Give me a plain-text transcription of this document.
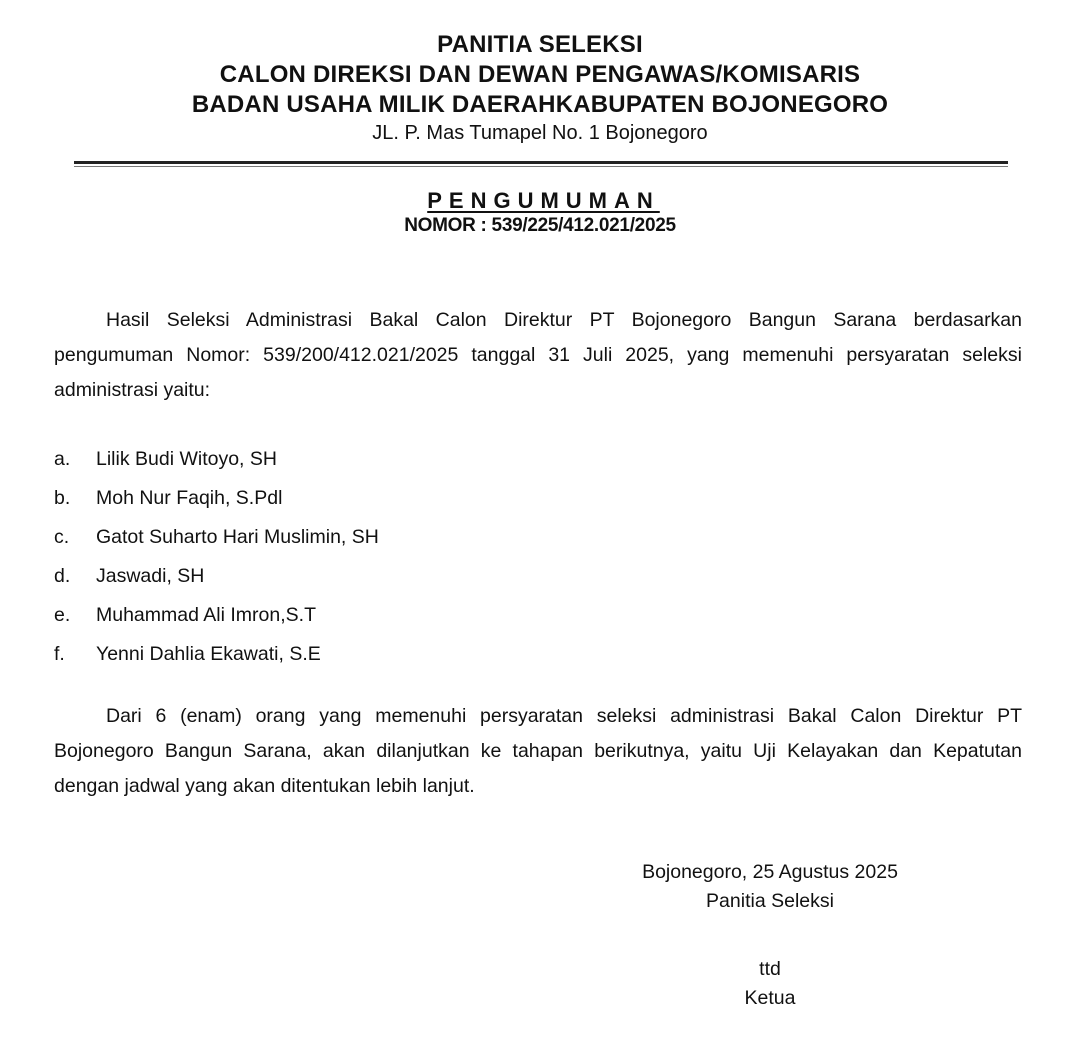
PANITIA SELEKSI
CALON DIREKSI DAN DEWAN PENGAWAS/KOMISARIS
BADAN USAHA MILIK DAERAHKABUPATEN BOJONEGORO
JL. P. Mas Tumapel No. 1 Bojonegoro
PENGUMUMAN
NOMOR : 539/225/412.021/2025

Hasil Seleksi Administrasi Bakal Calon Direktur PT Bojonegoro Bangun Sarana berdasarkan pengumuman Nomor: 539/200/412.021/2025 tanggal 31 Juli 2025, yang memenuhi persyaratan seleksi administrasi yaitu:

a.	Lilik Budi Witoyo, SH
b.	Moh Nur Faqih, S.Pdl
c.	Gatot Suharto Hari Muslimin, SH
d.	Jaswadi, SH
e.	Muhammad Ali Imron,S.T
f.	Yenni Dahlia Ekawati, S.E

Dari 6 (enam) orang yang memenuhi persyaratan seleksi administrasi Bakal Calon Direktur PT Bojonegoro Bangun Sarana, akan dilanjutkan ke tahapan berikutnya, yaitu Uji Kelayakan dan Kepatutan dengan jadwal yang akan ditentukan lebih lanjut.

Bojonegoro, 25 Agustus 2025
Panitia Seleksi
ttd
Ketua
